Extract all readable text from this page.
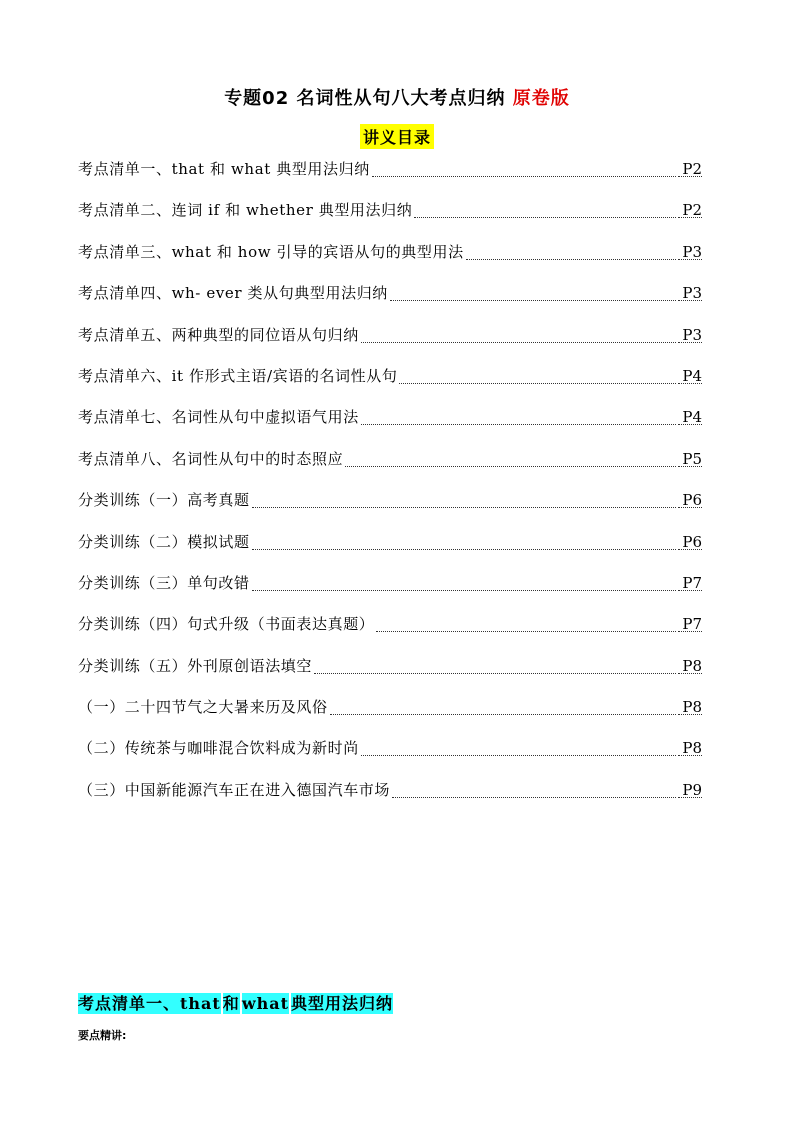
专题02 名词性从句八大考点归纳 原卷版
讲义目录
考点清单一、that 和 what 典型用法归纳	P2
考点清单二、连词 if 和 whether 典型用法归纳	P2
考点清单三、what 和 how 引导的宾语从句的典型用法	P3
考点清单四、wh- ever 类从句典型用法归纳	P3
考点清单五、两种典型的同位语从句归纳	P3
考点清单六、it 作形式主语/宾语的名词性从句	P4
考点清单七、名词性从句中虚拟语气用法	P4
考点清单八、名词性从句中的时态照应	P5
分类训练（一）高考真题	P6
分类训练（二）模拟试题	P6
分类训练（三）单句改错	P7
分类训练（四）句式升级（书面表达真题）	P7
分类训练（五）外刊原创语法填空	P8
（一）二十四节气之大暑来历及风俗	P8
（二）传统茶与咖啡混合饮料成为新时尚	P8
（三）中国新能源汽车正在进入德国汽车市场	P9
考点清单一、that 和 what 典型用法归纳
要点精讲:
